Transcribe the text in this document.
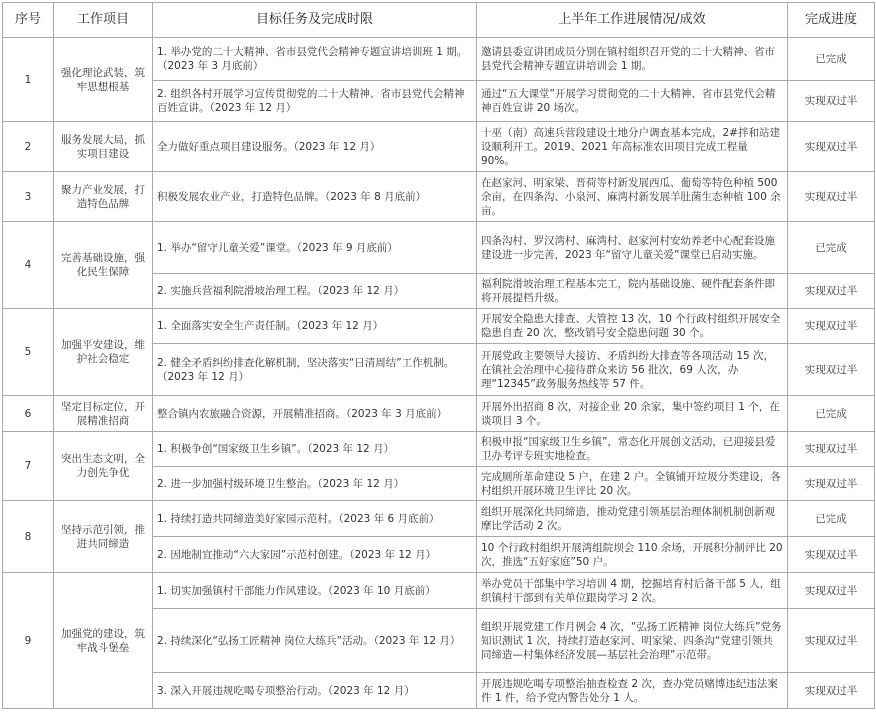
序号	工作项目	目标任务及完成时限	上半年工作进展情况/成效	完成进度
1	强化理论武装，筑牢思想根基	1. 举办党的二十大精神、省市县党代会精神专题宣讲培训班 1 期。（2023 年 3 月底前）	邀请县委宣讲团成员分别在镇村组织召开党的二十大精神、省市县党代会精神专题宣讲培训会 1 期。	已完成
		2. 组织各村开展学习宣传贯彻党的二十大精神、省市县党代会精神百姓宣讲。（2023 年 12 月）	通过“五大课堂”开展学习贯彻党的二十大精神、省市县党代会精神百姓宣讲 20 场次。	实现双过半
2	服务发展大局，抓实项目建设	全力做好重点项目建设服务。（2023 年 12 月）	十巫（南）高速兵营段建设土地分户调查基本完成，2#拌和站建设顺利开工。2019、2021 年高标准农田项目完成工程量 90%。	实现双过半
3	聚力产业发展，打造特色品牌	积极发展农业产业，打造特色品牌。（2023 年 8 月底前）	在赵家河、明家梁、晋荷等村新发展西瓜、葡萄等特色种植 500 余亩，在四条沟、小泉河、麻湾村新发展羊肚菌生态种植 100 余亩。	实现双过半
4	完善基础设施，强化民生保障	1. 举办“留守儿童关爱”课堂。（2023 年 9 月底前）	四条沟村、罗汉湾村、麻湾村、赵家河村安幼养老中心配套设施建设进一步完善，2023 年“留守儿童关爱”课堂已启动实施。	已完成
		2. 实施兵营福利院滑坡治理工程。（2023 年 12 月）	福利院滑坡治理工程基本完工，院内基础设施、硬件配套条件即将开展提档升级。	实现双过半
5	加强平安建设，维护社会稳定	1. 全面落实安全生产责任制。（2023 年 12 月）	开展安全隐患大排查、大管控 13 次，10 个行政村组织开展安全隐患自查 20 次，整改销号安全隐患问题 30 个。	实现双过半
		2. 健全矛盾纠纷排查化解机制，坚决落实“日清周结”工作机制。（2023 年 12 月）	开展党政主要领导大接访、矛盾纠纷大排查等各项活动 15 次，在镇社会治理中心接待群众来访 56 批次，69 人次，办理“12345”政务服务热线等 57 件。	实现双过半
6	坚定目标定位，开展精准招商	整合镇内农旅融合资源，开展精准招商。（2023 年 3 月底前）	开展外出招商 8 次，对接企业 20 余家，集中签约项目 1 个，在谈项目 3 个。	已完成
7	突出生态文明，全力创先争优	1. 积极争创“国家级卫生乡镇”。（2023 年 12 月）	积极申报“国家级卫生乡镇”，常态化开展创文活动，已迎接县爱卫办考评专班实地检查。	实现双过半
		2. 进一步加强村级环境卫生整治。（2023 年 12 月）	完成厕所革命建设 5 户，在建 2 户。全镇铺开垃圾分类建设，各村组织开展环境卫生评比 20 次。	实现双过半
8	坚持示范引领，推进共同缔造	1. 持续打造共同缔造美好家园示范村。（2023 年 6 月底前）	组织开展深化共同缔造，推动党建引领基层治理体制机制创新观摩比学活动 2 次。	已完成
		2. 因地制宜推动“六大家园”示范村创建。（2023 年 12 月）	10 个行政村组织开展湾组院坝会 110 余场，开展积分制评比 20 次，推选“五好家庭”50 户。	实现双过半
9	加强党的建设，筑牢战斗堡垒	1. 切实加强镇村干部能力作风建设。（2023 年 10 月底前）	举办党员干部集中学习培训 4 期，挖掘培育村后备干部 5 人，组织镇村干部到有关单位跟岗学习 2 次。	实现双过半
		2. 持续深化“弘扬工匠精神 岗位大练兵”活动。（2023 年 12 月）	组织开展党建工作月例会 4 次，“弘扬工匠精神 岗位大练兵”党务知识测试 1 次，持续打造赵家河、明家梁、四条沟“党建引领共同缔造—村集体经济发展—基层社会治理”示范带。	实现双过半
		3. 深入开展违规吃喝专项整治行动。（2023 年 12 月）	开展违规吃喝专项整治抽查检查 2 次，查办党员赌博违纪违法案件 1 件，给予党内警告处分 1 人。	实现双过半
